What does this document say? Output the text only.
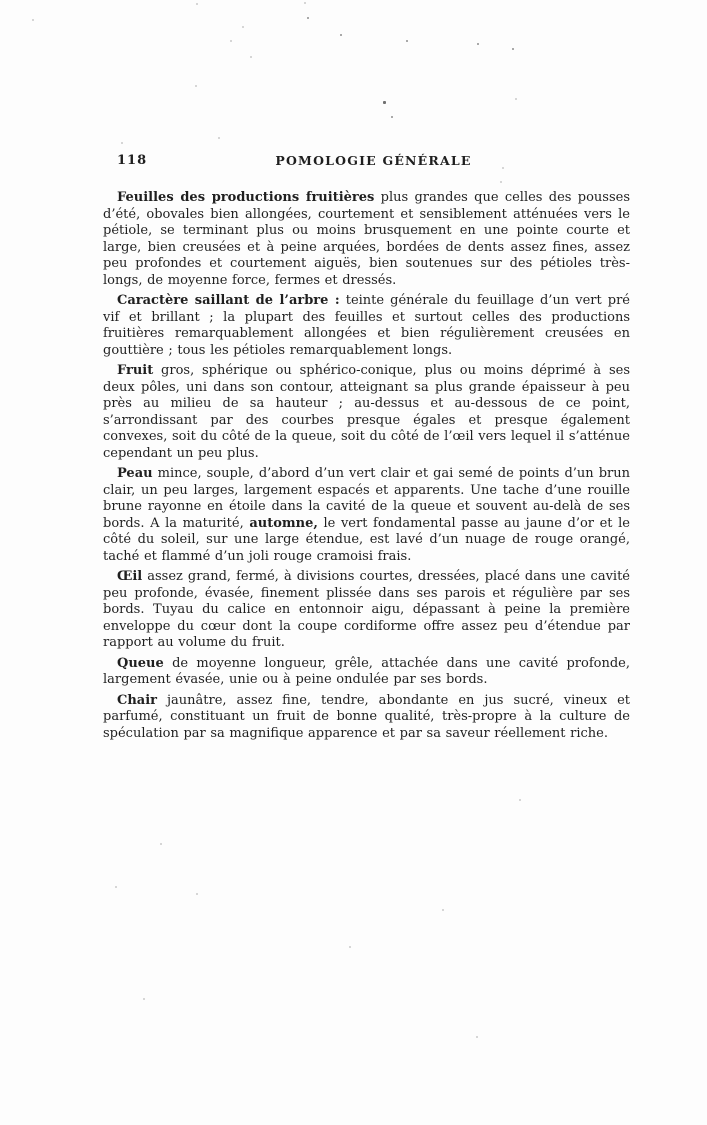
118	POMOLOGIE GÉNÉRALE

Feuilles des productions fruitières plus grandes que celles des pousses d’été, obovales bien allongées, courtement et sensiblement atténuées vers le pétiole, se terminant plus ou moins brusquement en une pointe courte et large, bien creusées et à peine arquées, bordées de dents assez fines, assez peu profondes et courtement aiguës, bien soutenues sur des pétioles très-longs, de moyenne force, fermes et dressés.

Caractère saillant de l’arbre : teinte générale du feuillage d’un vert pré vif et brillant ; la plupart des feuilles et surtout celles des productions fruitières remarquablement allongées et bien régulièrement creusées en gouttière ; tous les pétioles remarquablement longs.

Fruit gros, sphérique ou sphérico-conique, plus ou moins déprimé à ses deux pôles, uni dans son contour, atteignant sa plus grande épaisseur à peu près au milieu de sa hauteur ; au-dessus et au-dessous de ce point, s’arrondissant par des courbes presque égales et presque également convexes, soit du côté de la queue, soit du côté de l’œil vers lequel il s’atténue cependant un peu plus.

Peau mince, souple, d’abord d’un vert clair et gai semé de points d’un brun clair, un peu larges, largement espacés et apparents. Une tache d’une rouille brune rayonne en étoile dans la cavité de la queue et souvent au-delà de ses bords. A la maturité, automne, le vert fondamental passe au jaune d’or et le côté du soleil, sur une large étendue, est lavé d’un nuage de rouge orangé, taché et flammé d’un joli rouge cramoisi frais.

Œil assez grand, fermé, à divisions courtes, dressées, placé dans une cavité peu profonde, évasée, finement plissée dans ses parois et régulière par ses bords. Tuyau du calice en entonnoir aigu, dépassant à peine la première enveloppe du cœur dont la coupe cordiforme offre assez peu d’étendue par rapport au volume du fruit.

Queue de moyenne longueur, grêle, attachée dans une cavité profonde, largement évasée, unie ou à peine ondulée par ses bords.

Chair jaunâtre, assez fine, tendre, abondante en jus sucré, vineux et parfumé, constituant un fruit de bonne qualité, très-propre à la culture de spéculation par sa magnifique apparence et par sa saveur réellement riche.
